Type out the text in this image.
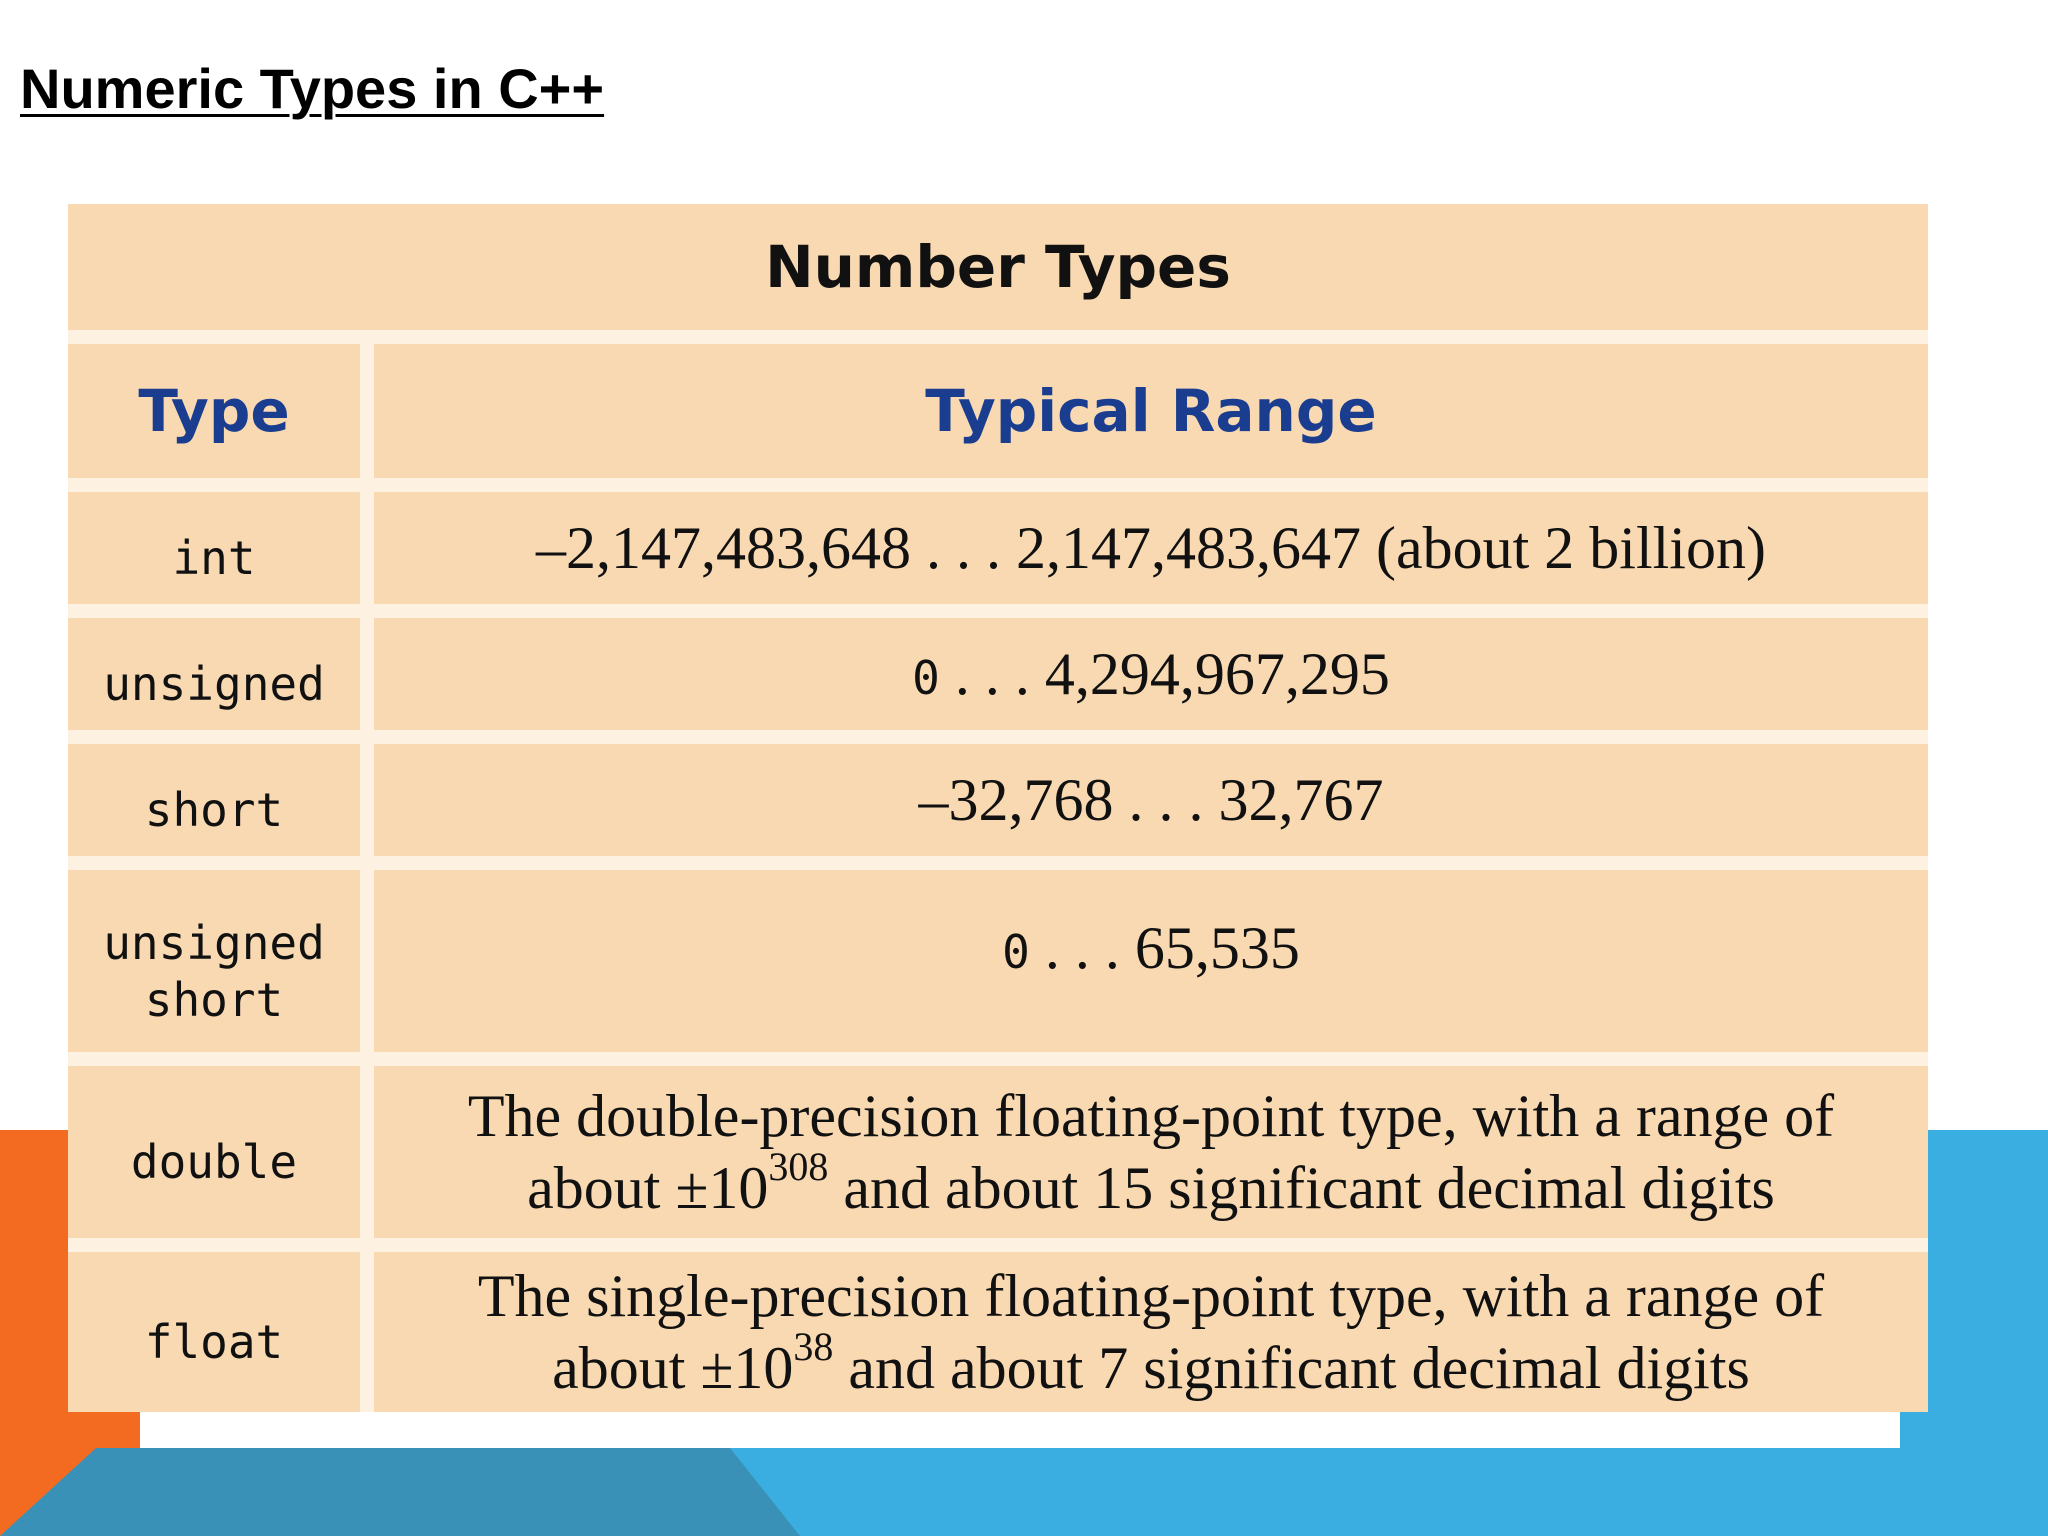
Numeric Types in C++
Number Types	
Type	Typical Range
int	–2,147,483,648 . . . 2,147,483,647 (about 2 billion)
unsigned	0 . . . 4,294,967,295
short	–32,768 . . . 32,767

unsigned
short	0 . . . 65,535
double	The double-precision floating-point type, with a range of
about $\pm 10^{308}$ and about 15 significant decimal digits

float	The single-precision floating-point type, with a range of
about $\pm 10^{38}$ and about 7 significant decimal digits
